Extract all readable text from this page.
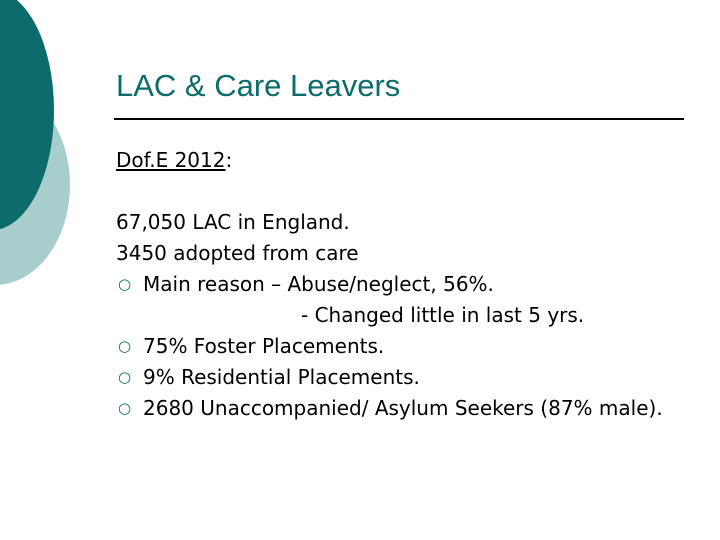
LAC & Care Leavers
Dof.E 2012:
67,050 LAC in England.
3450 adopted from care
○ Main reason – Abuse/neglect, 56%.
- Changed little in last 5 yrs.
○ 75% Foster Placements.
○ 9% Residential Placements.
○ 2680 Unaccompanied/ Asylum Seekers (87% male).
